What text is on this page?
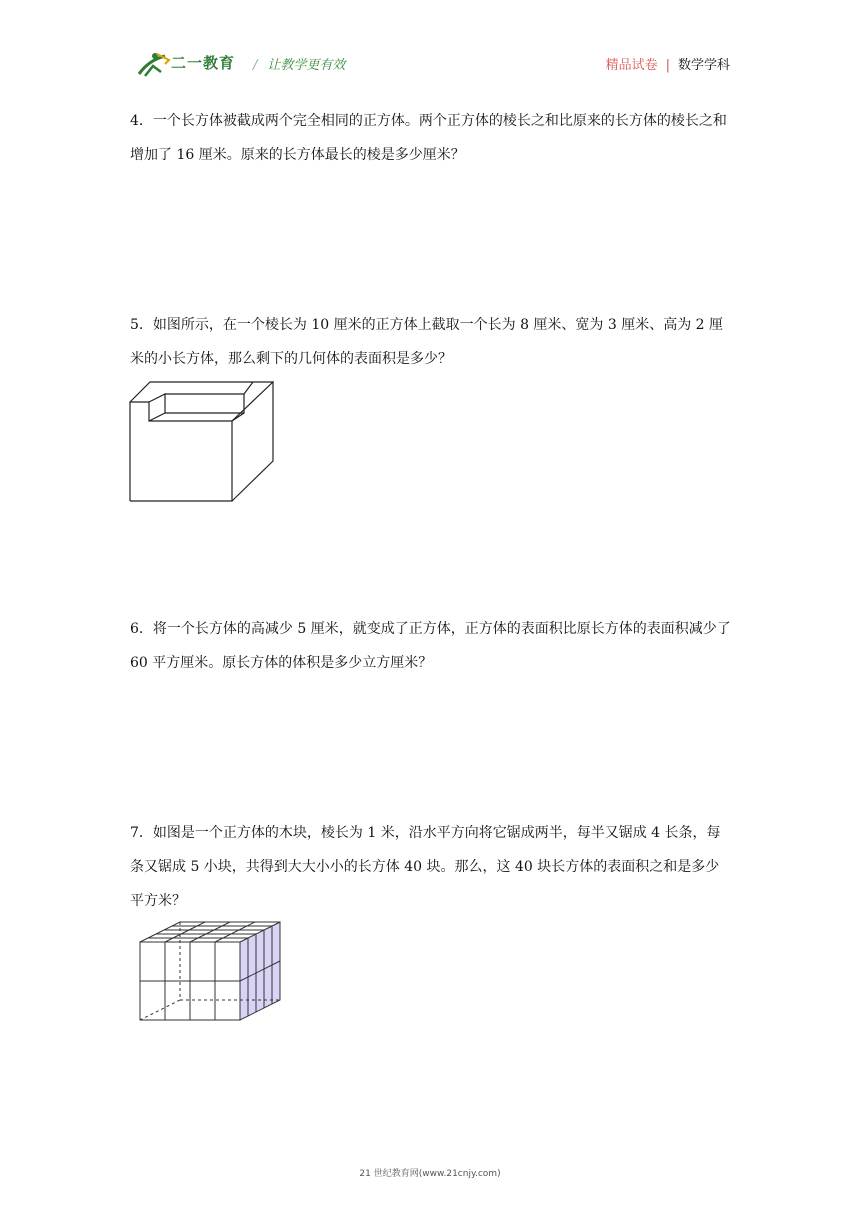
二一教育 / 让教学更有效	精品试卷 | 数学学科
4．一个长方体被截成两个完全相同的正方体。两个正方体的棱长之和比原来的长方体的棱长之和增加了 16 厘米。原来的长方体最长的棱是多少厘米？
5．如图所示，在一个棱长为 10 厘米的正方体上截取一个长为 8 厘米、宽为 3 厘米、高为 2 厘米的小长方体，那么剩下的几何体的表面积是多少？
6．将一个长方体的高减少 5 厘米，就变成了正方体，正方体的表面积比原长方体的表面积减少了 60 平方厘米。原长方体的体积是多少立方厘米？
7．如图是一个正方体的木块，棱长为 1 米，沿水平方向将它锯成两半，每半又锯成 4 长条，每条又锯成 5 小块，共得到大大小小的长方体 40 块。那么，这 40 块长方体的表面积之和是多少平方米？
21 世纪教育网(www.21cnjy.com)
